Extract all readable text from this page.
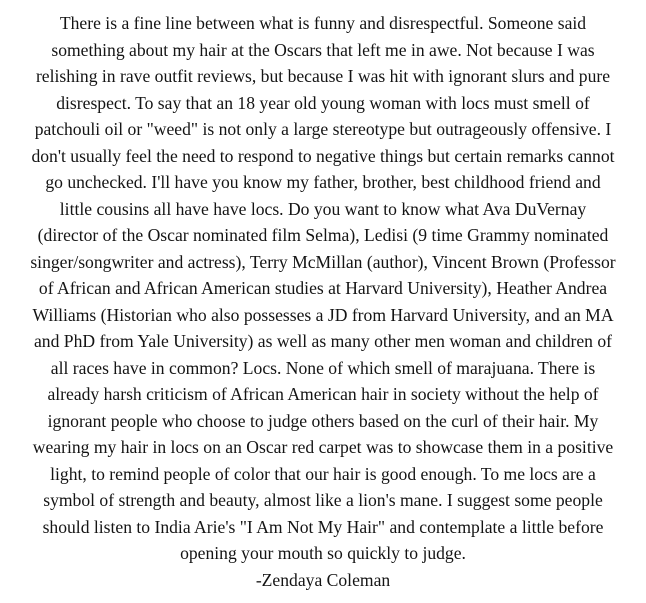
There is a fine line between what is funny and disrespectful. Someone said

something about my hair at the Oscars that left me in awe. Not because I was

relishing in rave outfit reviews, but because I was hit with ignorant slurs and pure

disrespect. To say that an 18 year old young woman with locs must smell of

patchouli oil or "weed" is not only a large stereotype but outrageously offensive. I

don't usually feel the need to respond to negative things but certain remarks cannot

go unchecked. I'll have you know my father, brother, best childhood friend and

little cousins all have have locs. Do you want to know what Ava DuVernay

(director of the Oscar nominated film Selma), Ledisi (9 time Grammy nominated

singer/songwriter and actress), Terry McMillan (author), Vincent Brown (Professor

of African and African American studies at Harvard University), Heather Andrea

Williams (Historian who also possesses a JD from Harvard University, and an MA

and PhD from Yale University) as well as many other men woman and children of

all races have in common? Locs. None of which smell of marajuana. There is

already harsh criticism of African American hair in society without the help of

ignorant people who choose to judge others based on the curl of their hair. My

wearing my hair in locs on an Oscar red carpet was to showcase them in a positive

light, to remind people of color that our hair is good enough. To me locs are a

symbol of strength and beauty, almost like a lion's mane. I suggest some people

should listen to India Arie's "I Am Not My Hair" and contemplate a little before

opening your mouth so quickly to judge.

-Zendaya Coleman
